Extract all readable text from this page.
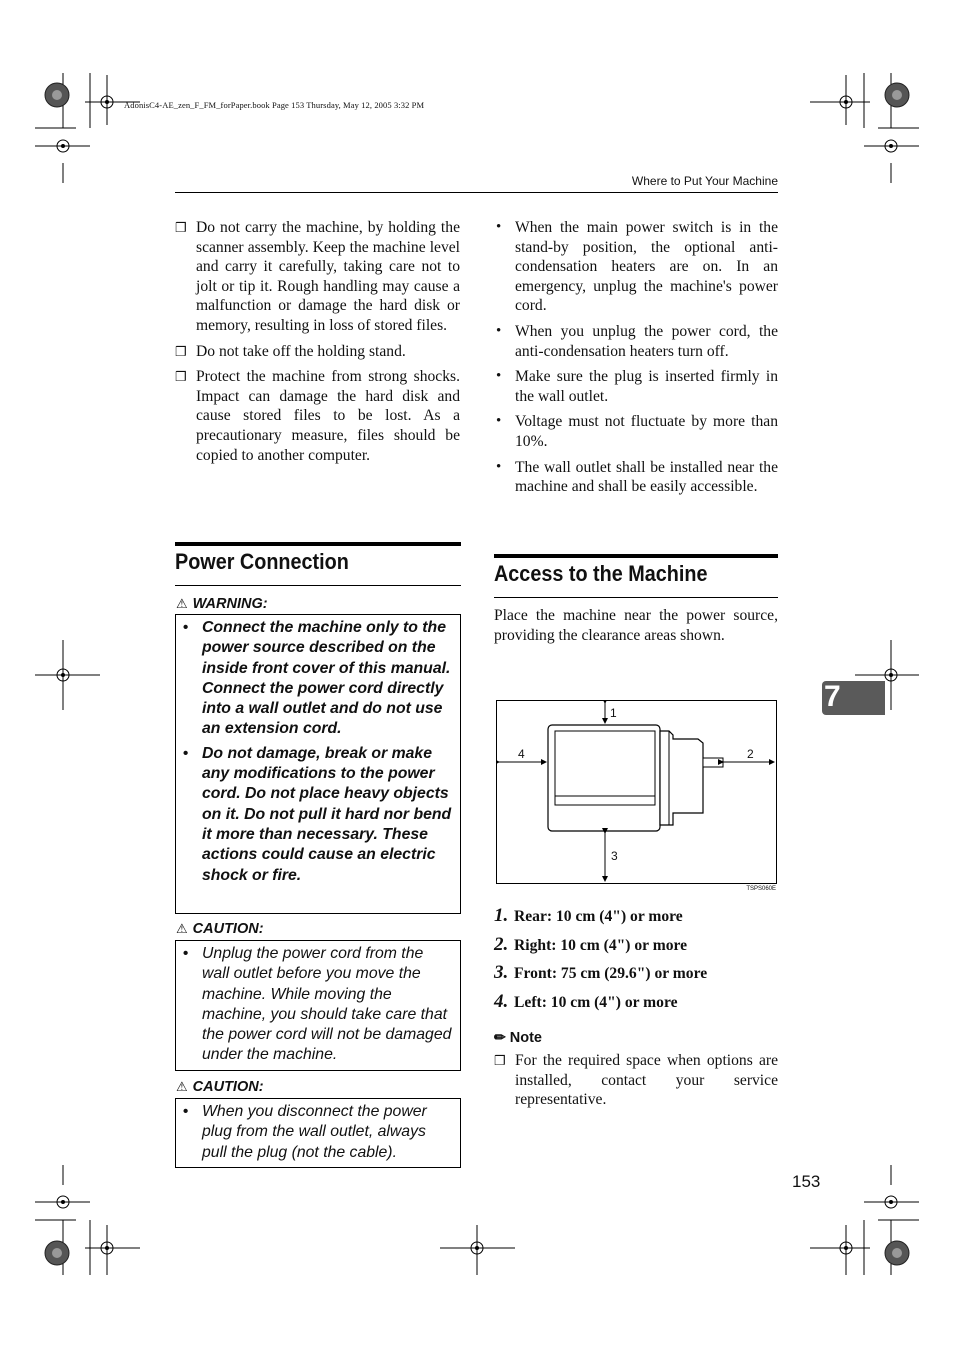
AdonisC4-AE_zen_F_FM_forPaper.book Page 153 Thursday, May 12, 2005 3:32 PM
Where to Put Your Machine
❒ Do not carry the machine, by holding the scanner assembly. Keep the machine level and carry it carefully, taking care not to jolt or tip it. Rough handling may cause a malfunction or damage the hard disk or memory, resulting in loss of stored files.
❒ Do not take off the holding stand.
❒ Protect the machine from strong shocks. Impact can damage the hard disk and cause stored files to be lost. As a precautionary measure, files should be copied to another computer.
Power Connection
⚠ WARNING:
• Connect the machine only to the power source described on the inside front cover of this manual. Connect the power cord directly into a wall outlet and do not use an extension cord.
• Do not damage, break or make any modifications to the power cord. Do not place heavy objects on it. Do not pull it hard nor bend it more than necessary. These actions could cause an electric shock or fire.
⚠ CAUTION:
• Unplug the power cord from the wall outlet before you move the machine. While moving the machine, you should take care that the power cord will not be damaged under the machine.
⚠ CAUTION:
• When you disconnect the power plug from the wall outlet, always pull the plug (not the cable).
• When the main power switch is in the stand-by position, the optional anti-condensation heaters are on. In an emergency, unplug the machine's power cord.
• When you unplug the power cord, the anti-condensation heaters turn off.
• Make sure the plug is inserted firmly in the wall outlet.
• Voltage must not fluctuate by more than 10%.
• The wall outlet shall be installed near the machine and shall be easily accessible.
Access to the Machine
Place the machine near the power source, providing the clearance areas shown.
1
2
3
4
TSPS060E
1. Rear: 10 cm (4") or more
2. Right: 10 cm (4") or more
3. Front: 75 cm (29.6") or more
4. Left: 10 cm (4") or more
✏ Note
❒ For the required space when options are installed, contact your service representative.
7
153
